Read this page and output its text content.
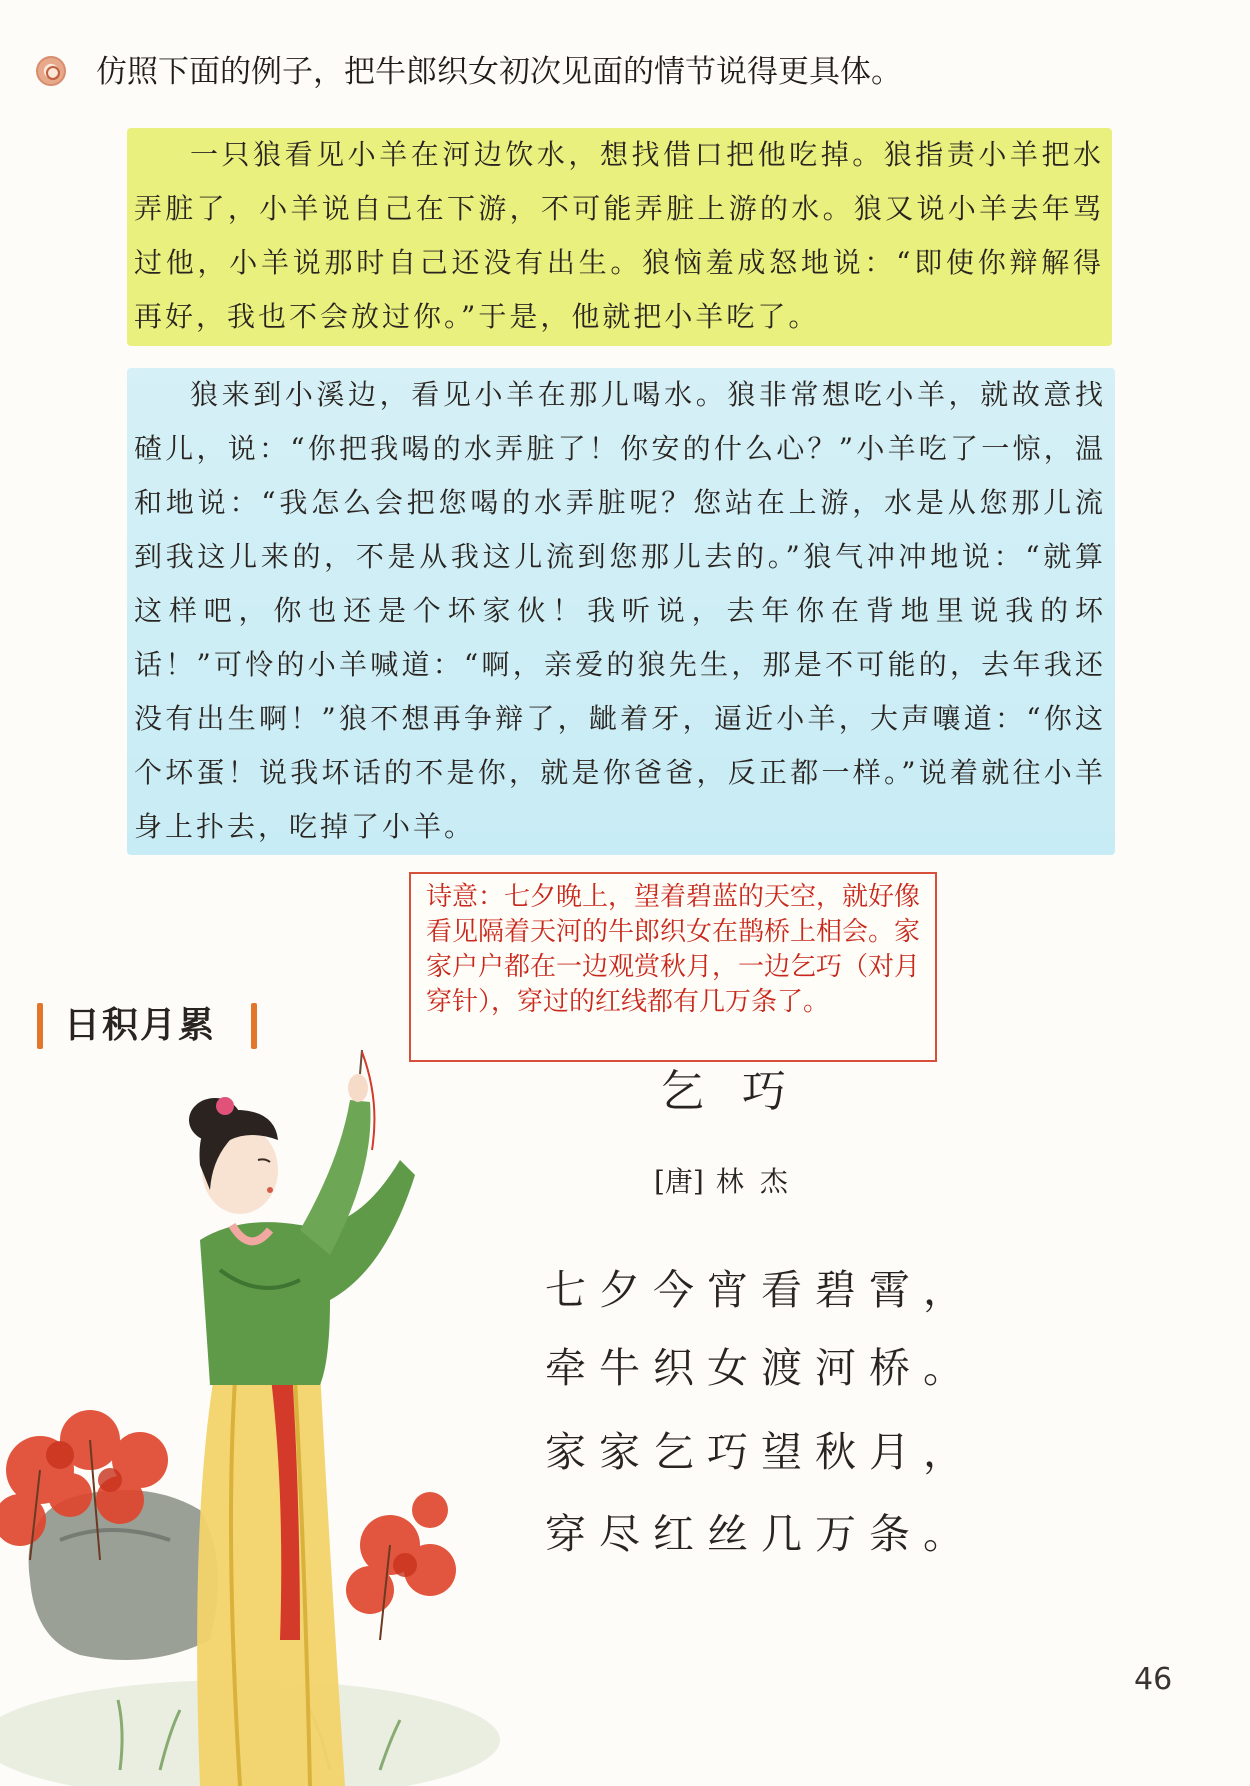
仿照下面的例子，把牛郎织女初次见面的情节说得更具体。

一只狼看见小羊在河边饮水，想找借口把他吃掉。狼指责小羊把水弄脏了，小羊说自己在下游，不可能弄脏上游的水。狼又说小羊去年骂过他，小羊说那时自己还没有出生。狼恼羞成怒地说：“即使你辩解得再好，我也不会放过你。”于是，他就把小羊吃了。

狼来到小溪边，看见小羊在那儿喝水。狼非常想吃小羊，就故意找碴儿，说：“你把我喝的水弄脏了！你安的什么心？”小羊吃了一惊，温和地说：“我怎么会把您喝的水弄脏呢？您站在上游，水是从您那儿流到我这儿来的，不是从我这儿流到您那儿去的。”狼气冲冲地说：“就算这样吧，你也还是个坏家伙！我听说，去年你在背地里说我的坏话！”可怜的小羊喊道：“啊，亲爱的狼先生，那是不可能的，去年我还没有出生啊！”狼不想再争辩了，龇着牙，逼近小羊，大声嚷道：“你这个坏蛋！说我坏话的不是你，就是你爸爸，反正都一样。”说着就往小羊身上扑去，吃掉了小羊。

诗意：七夕晚上，望着碧蓝的天空，就好像看见隔着天河的牛郎织女在鹊桥上相会。家家户户都在一边观赏秋月，一边乞巧（对月穿针），穿过的红线都有几万条了。

日积月累
乞巧
[唐] 林杰
七夕今宵看碧霄，
牵牛织女渡河桥。
家家乞巧望秋月，
穿尽红丝几万条。
46
